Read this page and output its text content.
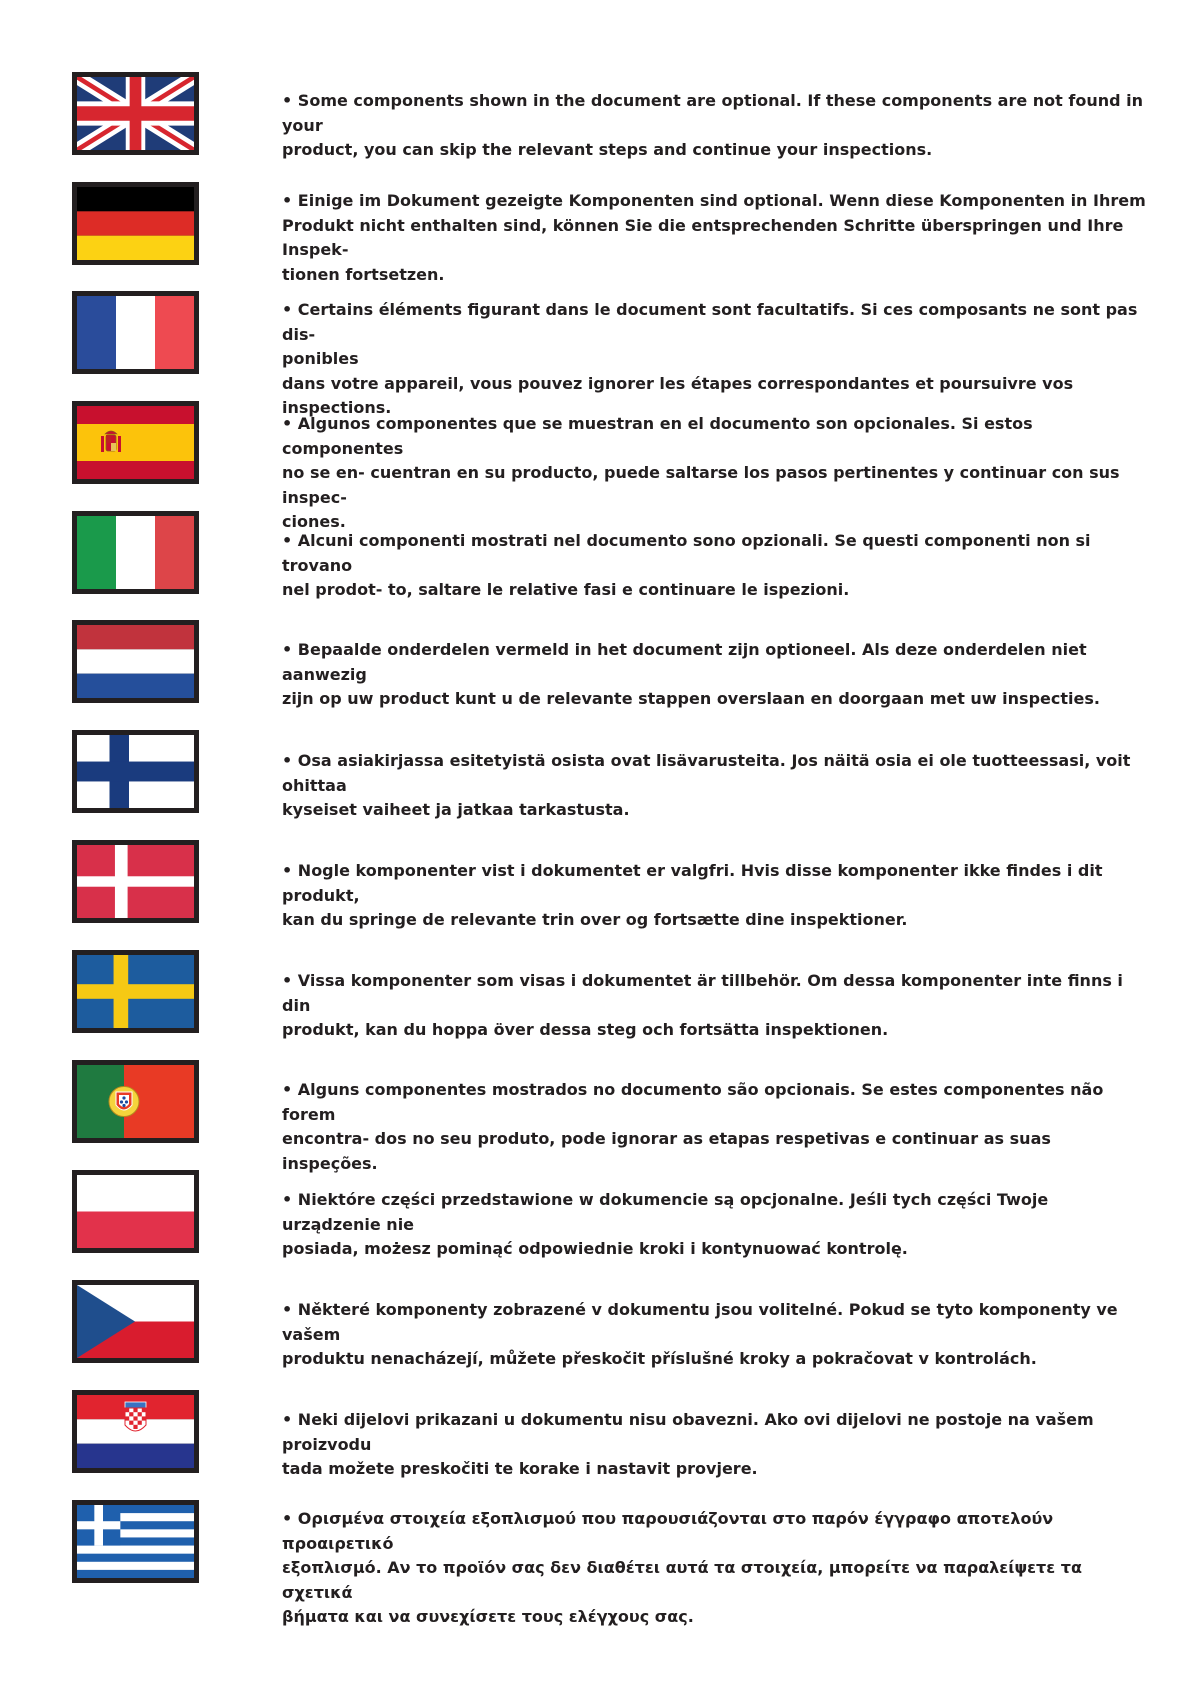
• Some components shown in the document are optional. If these components are not found in your
product, you can skip the relevant steps and continue your inspections.
• Einige im Dokument gezeigte Komponenten sind optional. Wenn diese Komponenten in Ihrem
Produkt nicht enthalten sind, können Sie die entsprechenden Schritte überspringen und Ihre Inspek-
tionen fortsetzen.
• Certains éléments figurant dans le document sont facultatifs. Si ces composants ne sont pas dis-
ponibles
dans votre appareil, vous pouvez ignorer les étapes correspondantes et poursuivre vos inspections.
• Algunos componentes que se muestran en el documento son opcionales. Si estos componentes
no se en- cuentran en su producto, puede saltarse los pasos pertinentes y continuar con sus inspec-
ciones.
• Alcuni componenti mostrati nel documento sono opzionali. Se questi componenti non si trovano
nel prodot- to, saltare le relative fasi e continuare le ispezioni.
• Bepaalde onderdelen vermeld in het document zijn optioneel. Als deze onderdelen niet aanwezig
zijn op uw product kunt u de relevante stappen overslaan en doorgaan met uw inspecties.
• Osa asiakirjassa esitetyistä osista ovat lisävarusteita. Jos näitä osia ei ole tuotteessasi, voit ohittaa
kyseiset vaiheet ja jatkaa tarkastusta.
• Nogle komponenter vist i dokumentet er valgfri. Hvis disse komponenter ikke findes i dit produkt,
kan du springe de relevante trin over og fortsætte dine inspektioner.
• Vissa komponenter som visas i dokumentet är tillbehör. Om dessa komponenter inte finns i din
produkt, kan du hoppa över dessa steg och fortsätta inspektionen.
• Alguns componentes mostrados no documento são opcionais. Se estes componentes não forem
encontra- dos no seu produto, pode ignorar as etapas respetivas e continuar as suas inspeções.
• Niektóre części przedstawione w dokumencie są opcjonalne. Jeśli tych części Twoje urządzenie nie
posiada, możesz pominąć odpowiednie kroki i kontynuować kontrolę.
• Některé komponenty zobrazené v dokumentu jsou volitelné. Pokud se tyto komponenty ve vašem
produktu nenacházejí, můžete přeskočit příslušné kroky a pokračovat v kontrolách.
• Neki dijelovi prikazani u dokumentu nisu obavezni. Ako ovi dijelovi ne postoje na vašem proizvodu
tada možete preskočiti te korake i nastavit provjere.
• Ορισμένα στοιχεία εξοπλισμού που παρουσιάζονται στο παρόν έγγραφο αποτελούν προαιρετικό
εξοπλισμό. Αν το προϊόν σας δεν διαθέτει αυτά τα στοιχεία, μπορείτε να παραλείψετε τα σχετικά
βήματα και να συνεχίσετε τους ελέγχους σας.
